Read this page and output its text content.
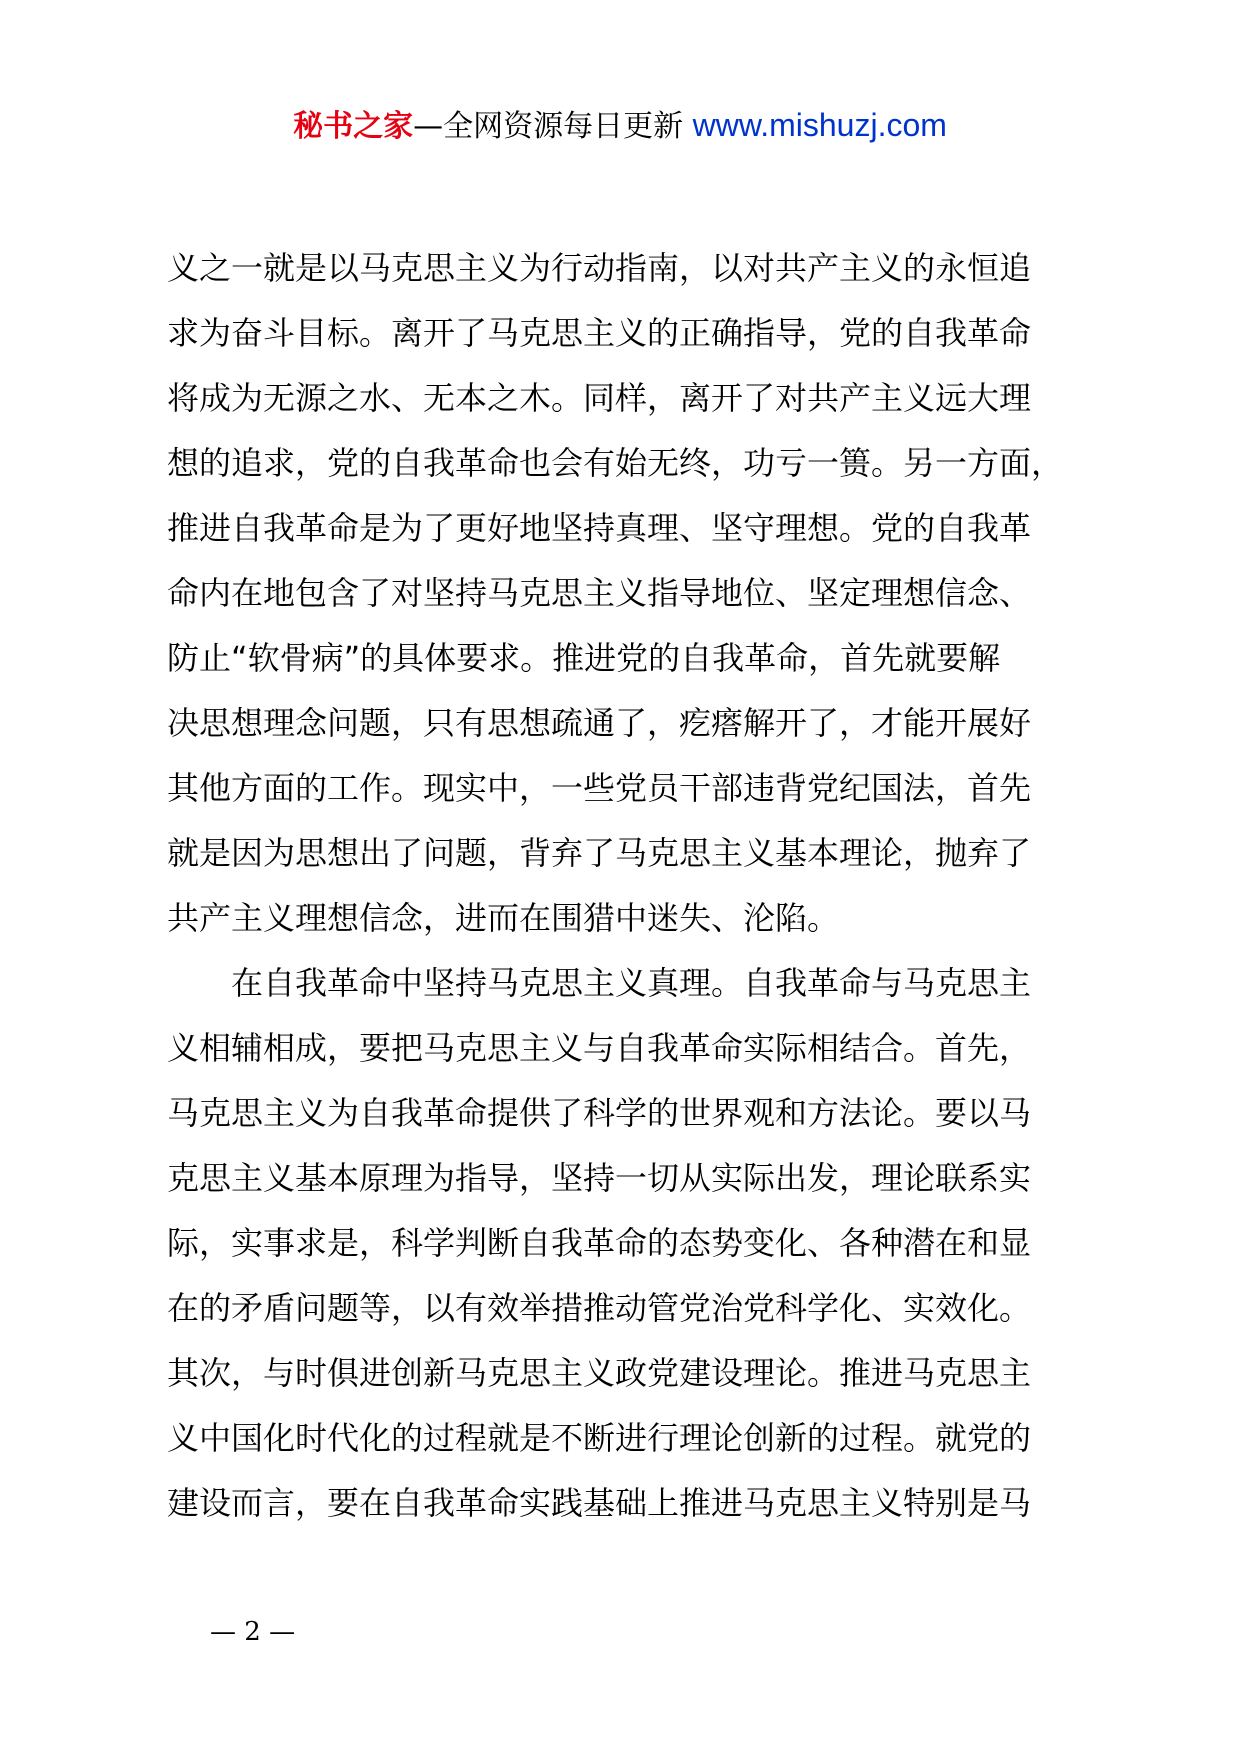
秘书之家—全网资源每日更新 www.mishuzj.com
义之一就是以马克思主义为行动指南，以对共产主义的永恒追
求为奋斗目标。离开了马克思主义的正确指导，党的自我革命
将成为无源之水、无本之木。同样，离开了对共产主义远大理
想的追求，党的自我革命也会有始无终，功亏一篑。另一方面，
推进自我革命是为了更好地坚持真理、坚守理想。党的自我革
命内在地包含了对坚持马克思主义指导地位、坚定理想信念、
防止“软骨病”的具体要求。推进党的自我革命，首先就要解
决思想理念问题，只有思想疏通了，疙瘩解开了，才能开展好
其他方面的工作。现实中，一些党员干部违背党纪国法，首先
就是因为思想出了问题，背弃了马克思主义基本理论，抛弃了
共产主义理想信念，进而在围猎中迷失、沦陷。
在自我革命中坚持马克思主义真理。自我革命与马克思主
义相辅相成，要把马克思主义与自我革命实际相结合。首先，
马克思主义为自我革命提供了科学的世界观和方法论。要以马
克思主义基本原理为指导，坚持一切从实际出发，理论联系实
际，实事求是，科学判断自我革命的态势变化、各种潜在和显
在的矛盾问题等，以有效举措推动管党治党科学化、实效化。
其次，与时俱进创新马克思主义政党建设理论。推进马克思主
义中国化时代化的过程就是不断进行理论创新的过程。就党的
建设而言，要在自我革命实践基础上推进马克思主义特别是马
— 2 —
